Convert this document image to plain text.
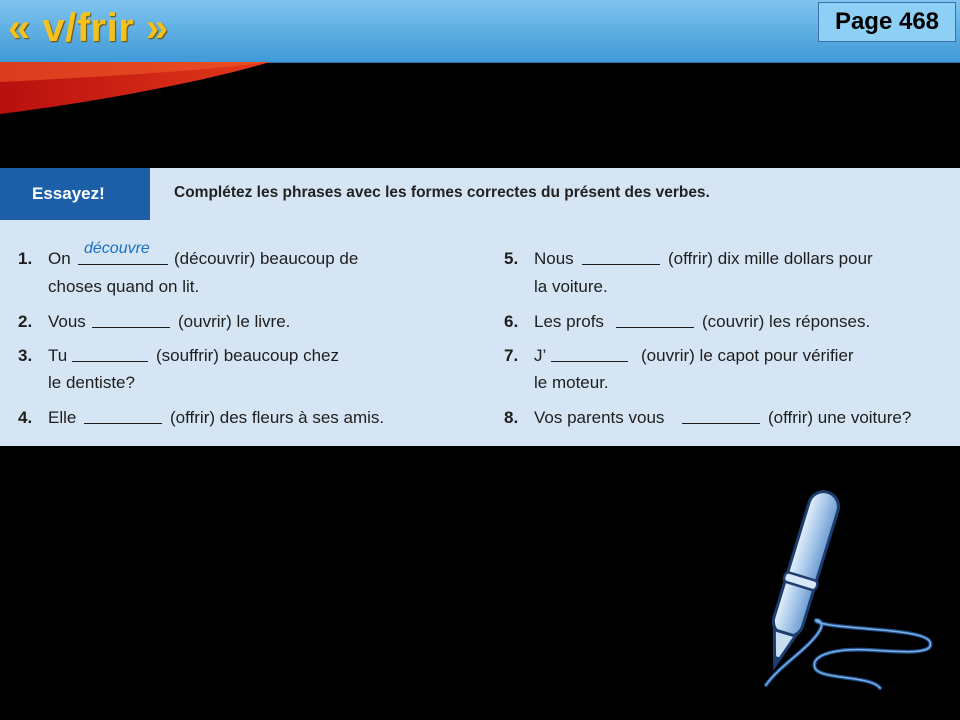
« v/frir »	Page 468
Essayez!	Complétez les phrases avec les formes correctes du présent des verbes.
1. On
découvre
(découvrir) beaucoup de
choses quand on lit.
2. Vous	(ouvrir) le livre.
3. Tu	(souffrir) beaucoup chez
le dentiste?
4. Elle	(offrir) des fleurs à ses amis.
5. Nous	(offrir) dix mille dollars pour
la voiture.
6. Les profs	(couvrir) les réponses.
7. J’	(ouvrir) le capot pour vérifier
le moteur.
8. Vos parents vous	(offrir) une voiture?
